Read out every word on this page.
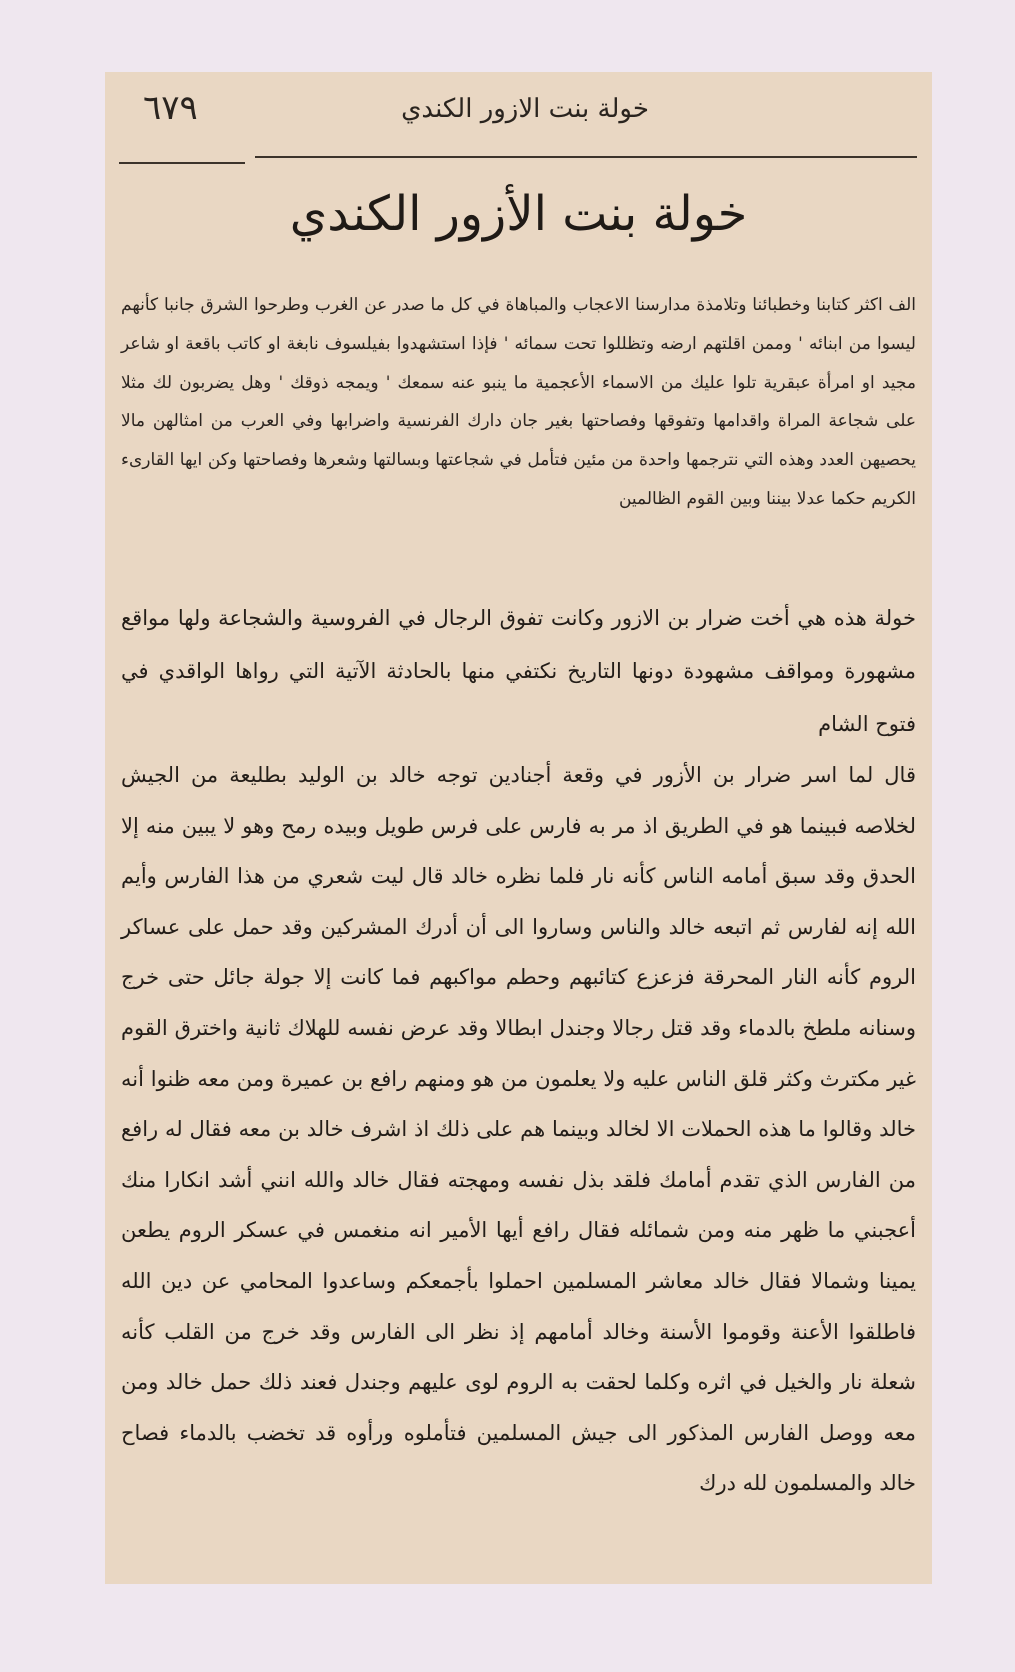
٦٧٩	خولة بنت الازور الكندي
خولة بنت الأزور الكندي
الف اكثر كتابنا وخطبائنا وتلامذة مدارسنا الاعجاب والمباهاة في كل ما صدر عن الغرب وطرحوا الشرق جانبا كأنهم ليسوا من ابنائه ' وممن اقلتهم ارضه وتظللوا تحت سمائه ' فإذا استشهدوا بفيلسوف نابغة او كاتب باقعة او شاعر مجيد او امرأة عبقرية تلوا عليك من الاسماء الأعجمية ما ينبو عنه سمعك ' ويمجه ذوقك ' وهل يضربون لك مثلا على شجاعة المراة واقدامها وتفوقها وفصاحتها بغير جان دارك الفرنسية واضرابها وفي العرب من امثالهن مالا يحصيهن العدد وهذه التي نترجمها واحدة من مئين فتأمل في شجاعتها وبسالتها وشعرها وفصاحتها وكن ايها القارىء الكريم حكما عدلا بيننا وبين القوم الظالمين
خولة هذه هي أخت ضرار بن الازور وكانت تفوق الرجال في الفروسية والشجاعة ولها مواقع مشهورة ومواقف مشهودة دونها التاريخ نكتفي منها بالحادثة الآتية التي رواها الواقدي في فتوح الشام
قال لما اسر ضرار بن الأزور في وقعة أجنادين توجه خالد بن الوليد بطليعة من الجيش لخلاصه فبينما هو في الطريق اذ مر به فارس على فرس طويل وبيده رمح وهو لا يبين منه إلا الحدق وقد سبق أمامه الناس كأنه نار فلما نظره خالد قال ليت شعري من هذا الفارس وأيم الله إنه لفارس ثم اتبعه خالد والناس وساروا الى أن أدرك المشركين وقد حمل على عساكر الروم كأنه النار المحرقة فزعزع كتائبهم وحطم مواكبهم فما كانت إلا جولة جائل حتى خرج وسنانه ملطخ بالدماء وقد قتل رجالا وجندل ابطالا وقد عرض نفسه للهلاك ثانية واخترق القوم غير مكترث وكثر قلق الناس عليه ولا يعلمون من هو ومنهم رافع بن عميرة ومن معه ظنوا أنه خالد وقالوا ما هذه الحملات الا لخالد وبينما هم على ذلك اذ اشرف خالد بن معه فقال له رافع من الفارس الذي تقدم أمامك فلقد بذل نفسه ومهجته فقال خالد والله انني أشد انكارا منك أعجبني ما ظهر منه ومن شمائله فقال رافع أيها الأمير انه منغمس في عسكر الروم يطعن يمينا وشمالا فقال خالد معاشر المسلمين احملوا بأجمعكم وساعدوا المحامي عن دين الله فاطلقوا الأعنة وقوموا الأسنة وخالد أمامهم إذ نظر الى الفارس وقد خرج من القلب كأنه شعلة نار والخيل في اثره وكلما لحقت به الروم لوى عليهم وجندل فعند ذلك حمل خالد ومن معه ووصل الفارس المذكور الى جيش المسلمين فتأملوه ورأوه قد تخضب بالدماء فصاح خالد والمسلمون لله درك
